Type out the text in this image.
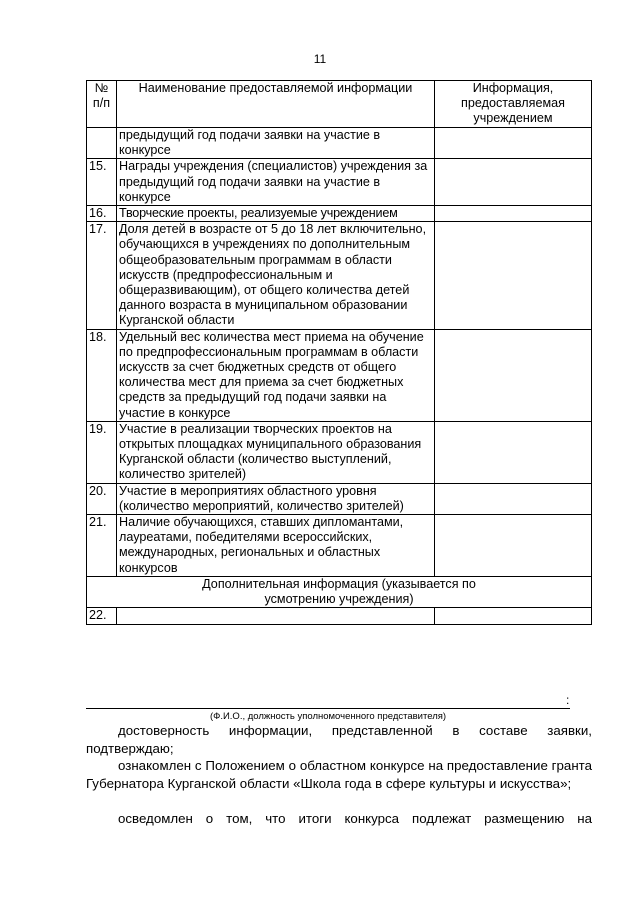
11
№ п/п	Наименование предоставляемой информации	Информация, предоставляемая учреждением
	предыдущий год подачи заявки на участие в конкурсе	
15.	Награды учреждения (специалистов) учреждения за предыдущий год подачи заявки на участие в конкурсе	
16.	Творческие проекты, реализуемые учреждением	
17.	Доля детей в возрасте от 5 до 18 лет включительно, обучающихся в учреждениях по дополнительным общеобразовательным программам в области искусств (предпрофессиональным и общеразвивающим), от общего количества детей данного возраста в муниципальном образовании Курганской области	
18.	Удельный вес количества мест приема на обучение по предпрофессиональным программам в области искусств за счет бюджетных средств от общего количества мест для приема за счет бюджетных средств за предыдущий год подачи заявки на участие в конкурсе	
19.	Участие в реализации творческих проектов на открытых площадках муниципального образования Курганской области (количество выступлений, количество зрителей)	
20.	Участие в мероприятиях областного уровня (количество мероприятий, количество зрителей)	
21.	Наличие обучающихся, ставших дипломантами, лауреатами, победителями всероссийских, международных, региональных и областных конкурсов	
Дополнительная информация (указывается по усмотрению учреждения)		
22.		
:
(Ф.И.О., должность уполномоченного представителя)
достоверность информации, представленной в составе заявки, подтверждаю;
ознакомлен с Положением о областном конкурсе на предоставление гранта Губернатора Курганской области «Школа года в сфере культуры и искусства»;
осведомлен о том, что итоги конкурса подлежат размещению на
